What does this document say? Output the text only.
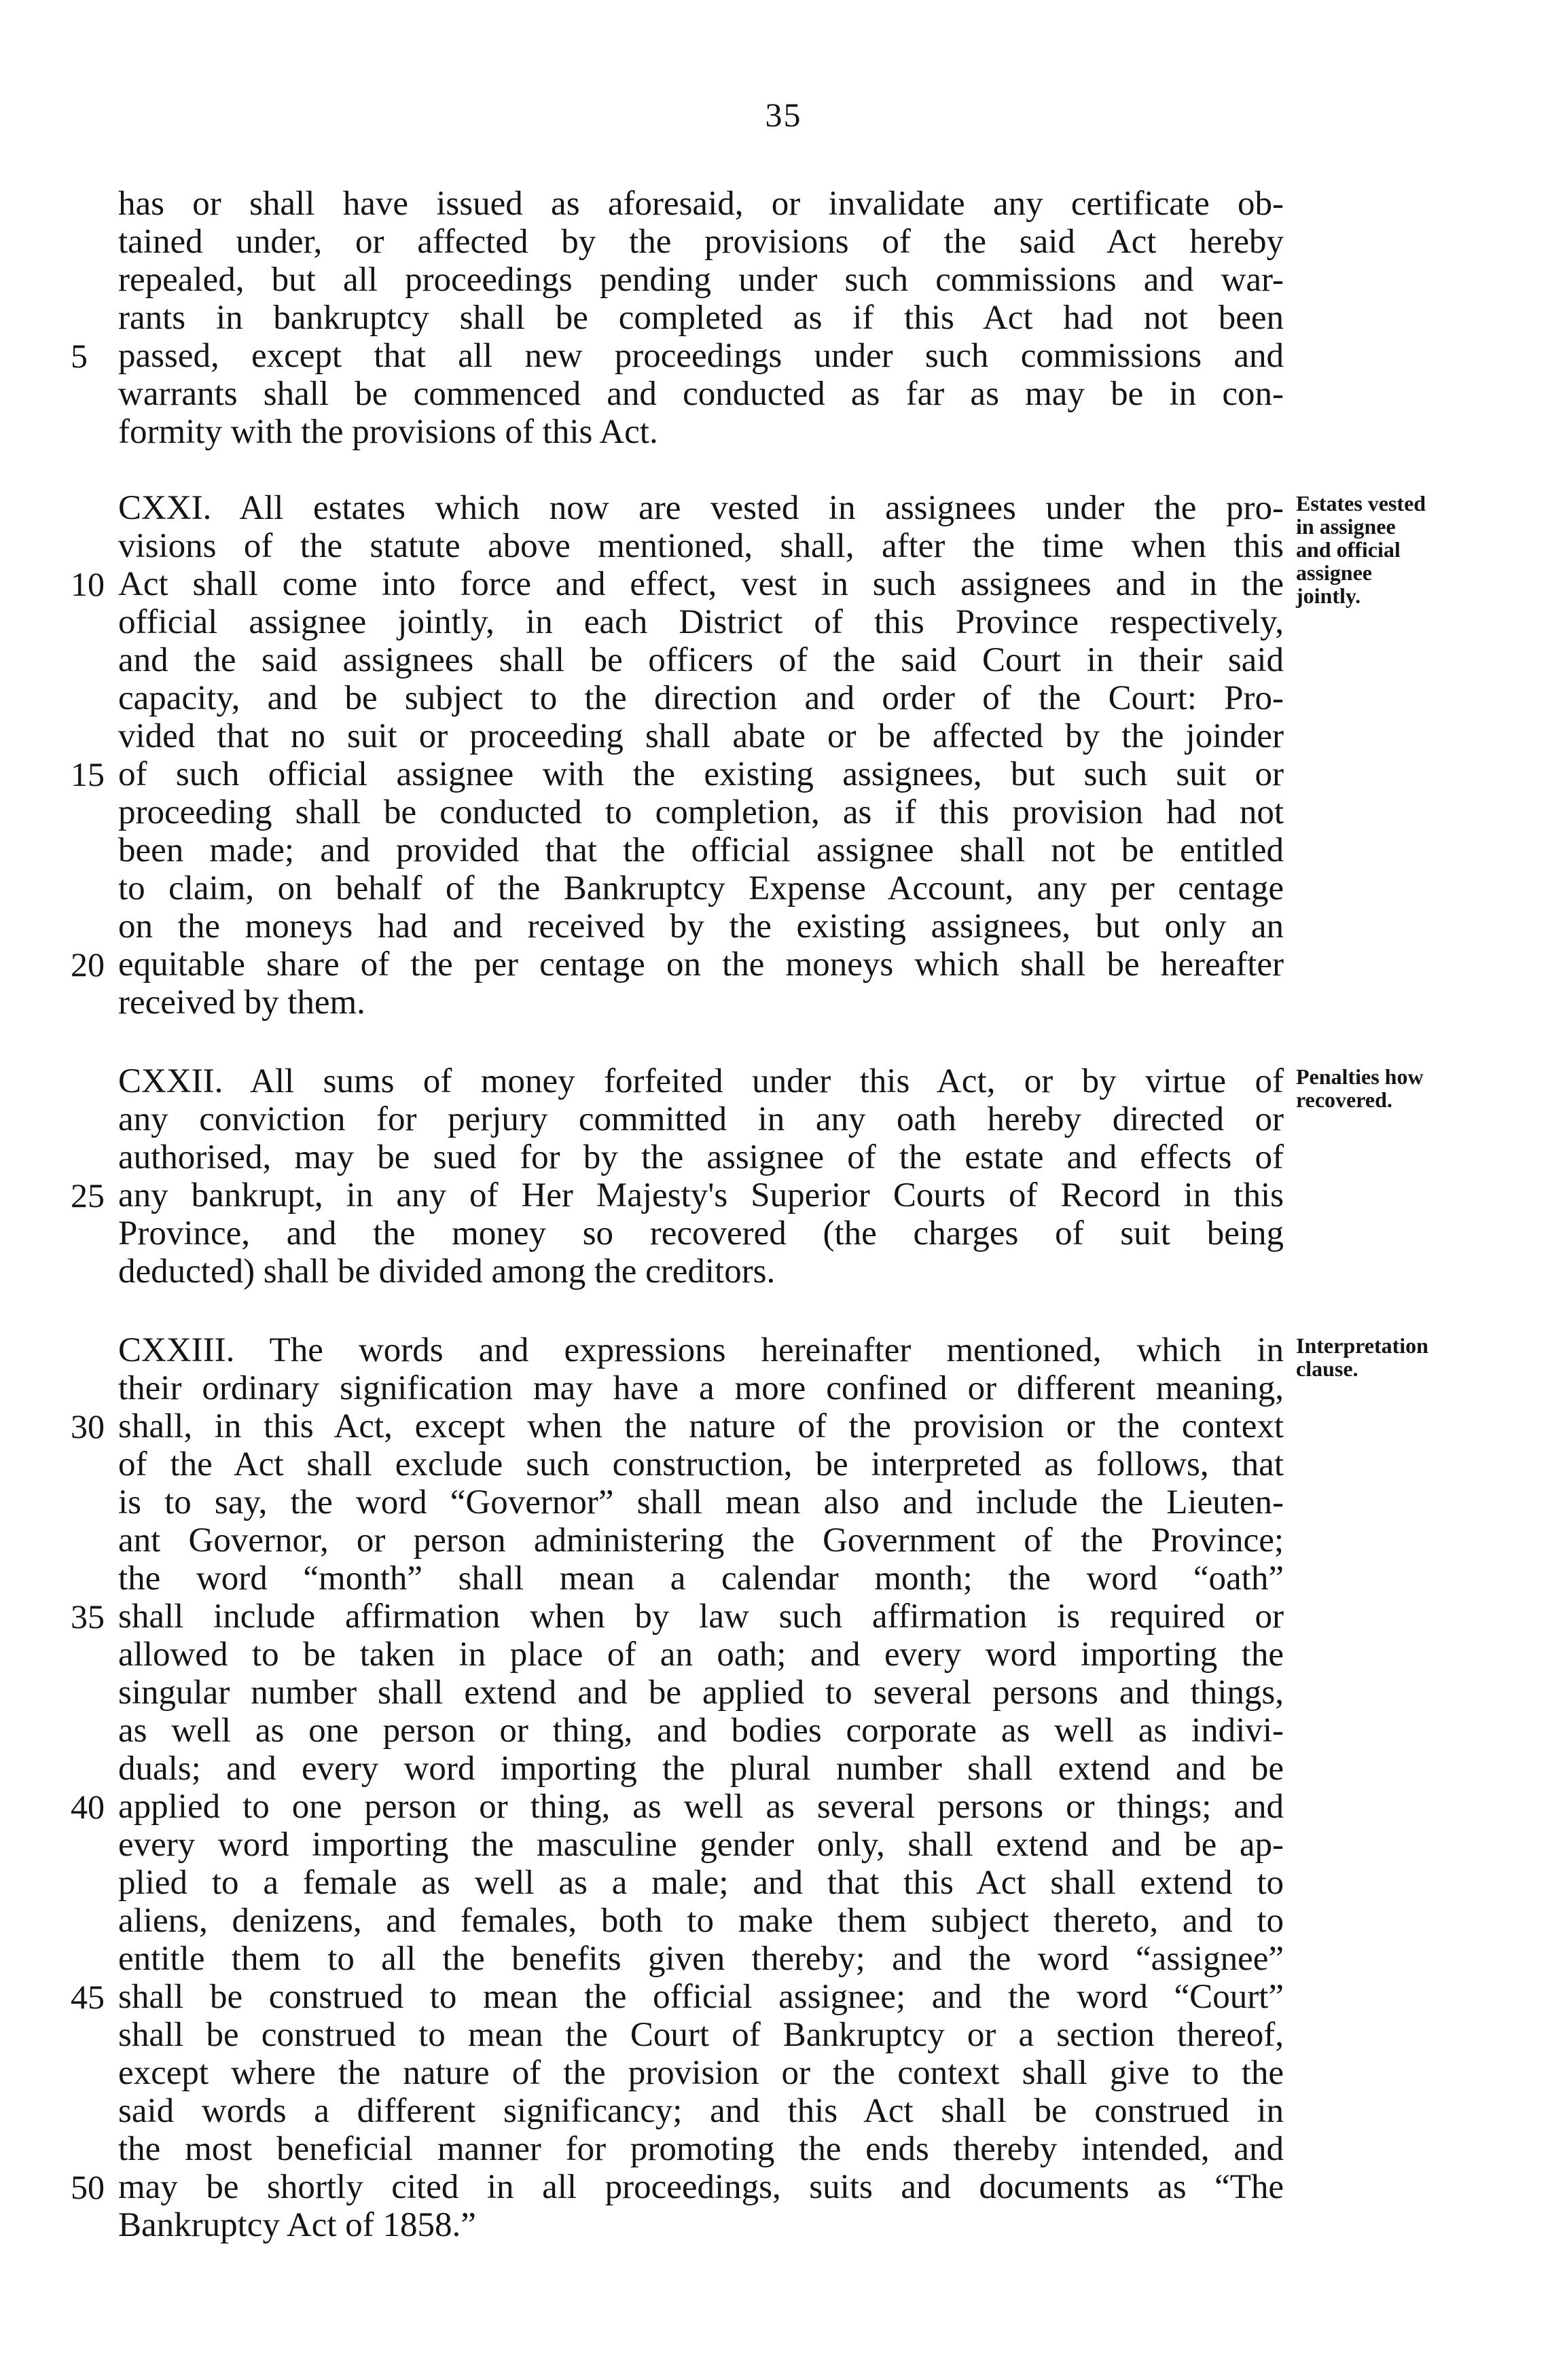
35
has or shall have issued as aforesaid, or invalidate any certificate ob-
tained under, or affected by the provisions of the said Act hereby
repealed, but all proceedings pending under such commissions and war-
rants in bankruptcy shall be completed as if this Act had not been
passed, except that all new proceedings under such commissions and
warrants shall be commenced and conducted as far as may be in con-
formity with the provisions of this Act.
CXXI. All estates which now are vested in assignees under the pro-
visions of the statute above mentioned, shall, after the time when this
Act shall come into force and effect, vest in such assignees and in the
official assignee jointly, in each District of this Province respectively,
and the said assignees shall be officers of the said Court in their said
capacity, and be subject to the direction and order of the Court: Pro-
vided that no suit or proceeding shall abate or be affected by the joinder
of such official assignee with the existing assignees, but such suit or
proceeding shall be conducted to completion, as if this provision had not
been made; and provided that the official assignee shall not be entitled
to claim, on behalf of the Bankruptcy Expense Account, any per centage
on the moneys had and received by the existing assignees, but only an
equitable share of the per centage on the moneys which shall be hereafter
received by them.
CXXII. All sums of money forfeited under this Act, or by virtue of
any conviction for perjury committed in any oath hereby directed or
authorised, may be sued for by the assignee of the estate and effects of
any bankrupt, in any of Her Majesty's Superior Courts of Record in this
Province, and the money so recovered (the charges of suit being
deducted) shall be divided among the creditors.
CXXIII. The words and expressions hereinafter mentioned, which in
their ordinary signification may have a more confined or different meaning,
shall, in this Act, except when the nature of the provision or the context
of the Act shall exclude such construction, be interpreted as follows, that
is to say, the word “Governor” shall mean also and include the Lieuten-
ant Governor, or person administering the Government of the Province;
the word “month” shall mean a calendar month; the word “oath”
shall include affirmation when by law such affirmation is required or
allowed to be taken in place of an oath; and every word importing the
singular number shall extend and be applied to several persons and things,
as well as one person or thing, and bodies corporate as well as indivi-
duals; and every word importing the plural number shall extend and be
applied to one person or thing, as well as several persons or things; and
every word importing the masculine gender only, shall extend and be ap-
plied to a female as well as a male; and that this Act shall extend to
aliens, denizens, and females, both to make them subject thereto, and to
entitle them to all the benefits given thereby; and the word “assignee”
shall be construed to mean the official assignee; and the word “Court”
shall be construed to mean the Court of Bankruptcy or a section thereof,
except where the nature of the provision or the context shall give to the
said words a different significancy; and this Act shall be construed in
the most beneficial manner for promoting the ends thereby intended, and
may be shortly cited in all proceedings, suits and documents as “The
Bankruptcy Act of 1858.”
5
10
15
20
25
30
35
40
45
50
Estates vested
in assignee
and official
assignee
jointly.
Penalties how
recovered.
Interpretation
clause.
